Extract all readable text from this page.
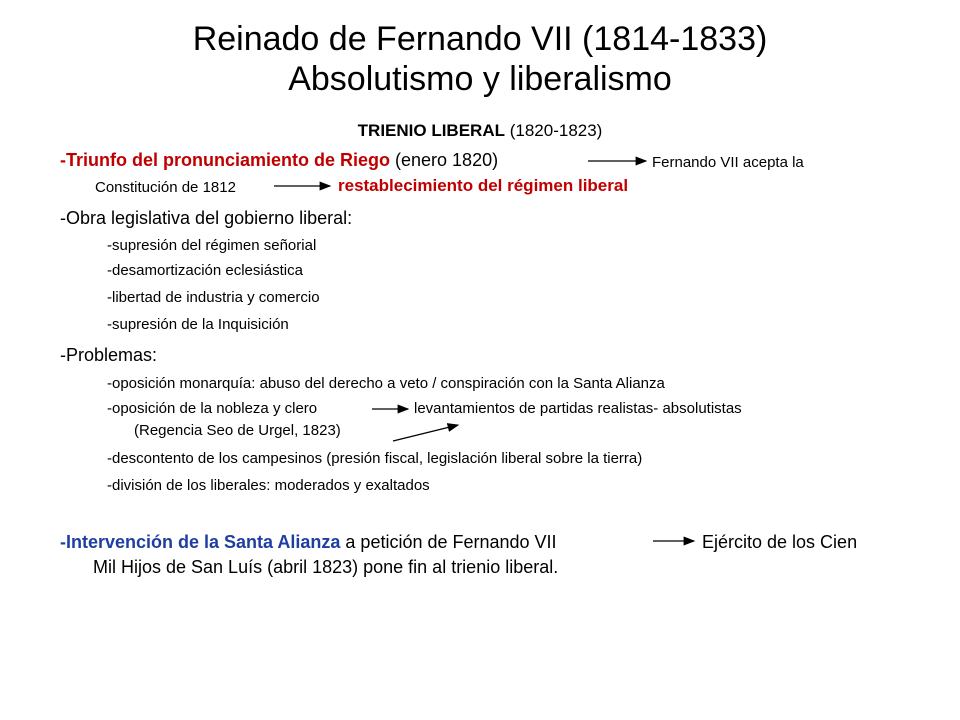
Reinado de Fernando VII (1814-1833)
Absolutismo y liberalismo
TRIENIO LIBERAL (1820-1823)
-Triunfo del pronunciamiento de Riego (enero 1820)	Fernando VII acepta la
Constitución de 1812	restablecimiento del régimen liberal
-Obra legislativa del gobierno liberal:
-supresión del régimen señorial
-desamortización eclesiástica
-libertad de industria y comercio
-supresión de la Inquisición
-Problemas:
-oposición monarquía: abuso del derecho a veto / conspiración con la Santa Alianza
-oposición de la nobleza y clero	levantamientos de partidas realistas- absolutistas
(Regencia Seo de Urgel, 1823)
-descontento de los campesinos (presión fiscal, legislación liberal sobre la tierra)
-división de los liberales: moderados y exaltados
-Intervención de la Santa Alianza a petición de Fernando VII	Ejército de los Cien
Mil Hijos de San Luís (abril 1823) pone fin al trienio liberal.
